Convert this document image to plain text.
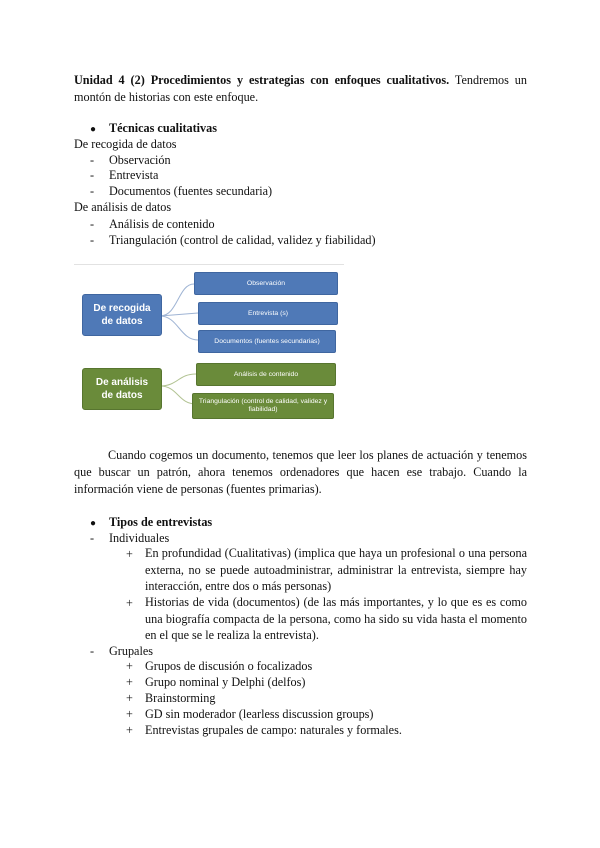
Unidad 4 (2) Procedimientos y estrategias con enfoques cualitativos. Tendremos un montón de historias con este enfoque.
● Técnicas cualitativas
De recogida de datos
- Observación
- Entrevista
- Documentos (fuentes secundaria)
De análisis de datos
- Análisis de contenido
- Triangulación (control de calidad, validez y fiabilidad)
De recogida de datos
Observación
Entrevista (s)
Documentos (fuentes secundarias)
De análisis de datos
Análisis de contenido
Triangulación (control de calidad, validez y fiabilidad)
Cuando cogemos un documento, tenemos que leer los planes de actuación y tenemos que buscar un patrón, ahora tenemos ordenadores que hacen ese trabajo. Cuando la información viene de personas (fuentes primarias).
● Tipos de entrevistas
- Individuales
+ En profundidad (Cualitativas) (implica que haya un profesional o una persona externa, no se puede autoadministrar, administrar la entrevista, siempre hay interacción, entre dos o más personas)
+ Historias de vida (documentos) (de las más importantes, y lo que es es como una biografía compacta de la persona, como ha sido su vida hasta el momento en el que se le realiza la entrevista).
- Grupales
+ Grupos de discusión o focalizados
+ Grupo nominal y Delphi (delfos)
+ Brainstorming
+ GD sin moderador (learless discussion groups)
+ Entrevistas grupales de campo: naturales y formales.
